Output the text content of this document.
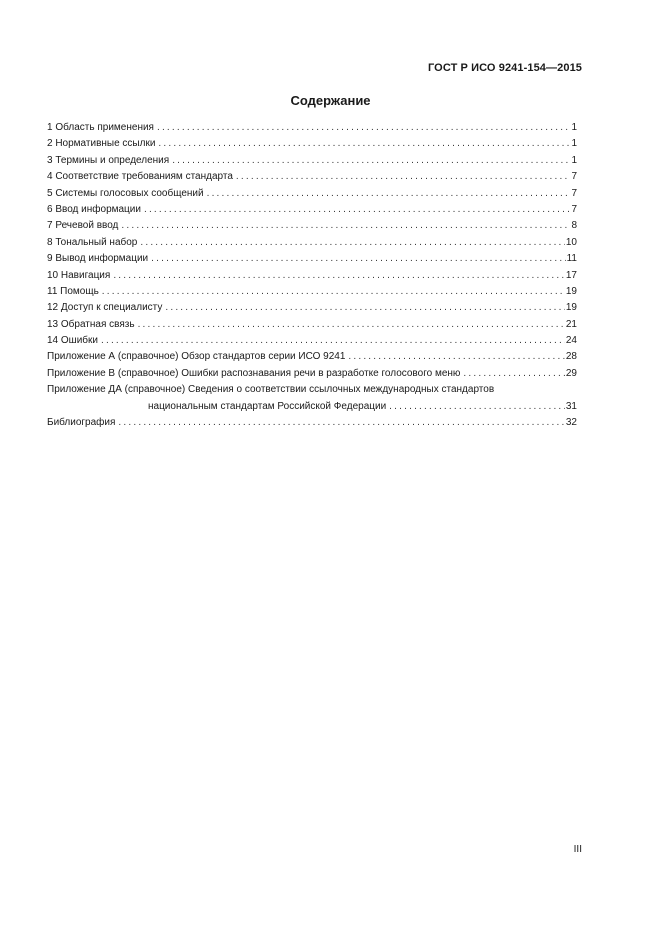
ГОСТ Р ИСО 9241-154—2015
Содержание
1 Область применения .....	1
2 Нормативные ссылки .....	1
3 Термины и определения .....	1
4 Соответствие требованиям стандарта .....	7
5 Системы голосовых сообщений .....	7
6 Ввод информации .....	7
7 Речевой ввод .....	8
8 Тональный набор .....	10
9 Вывод информации .....	11
10 Навигация .....	17
11 Помощь .....	19
12 Доступ к специалисту .....	19
13 Обратная связь .....	21
14 Ошибки .....	24
Приложение А (справочное) Обзор стандартов серии ИСО 9241 .....	28
Приложение В (справочное) Ошибки распознавания речи в разработке голосового меню .....	29
Приложение ДА (справочное) Сведения о соответствии ссылочных международных стандартов
национальным стандартам Российской Федерации .....	31
Библиография .....	32
III
